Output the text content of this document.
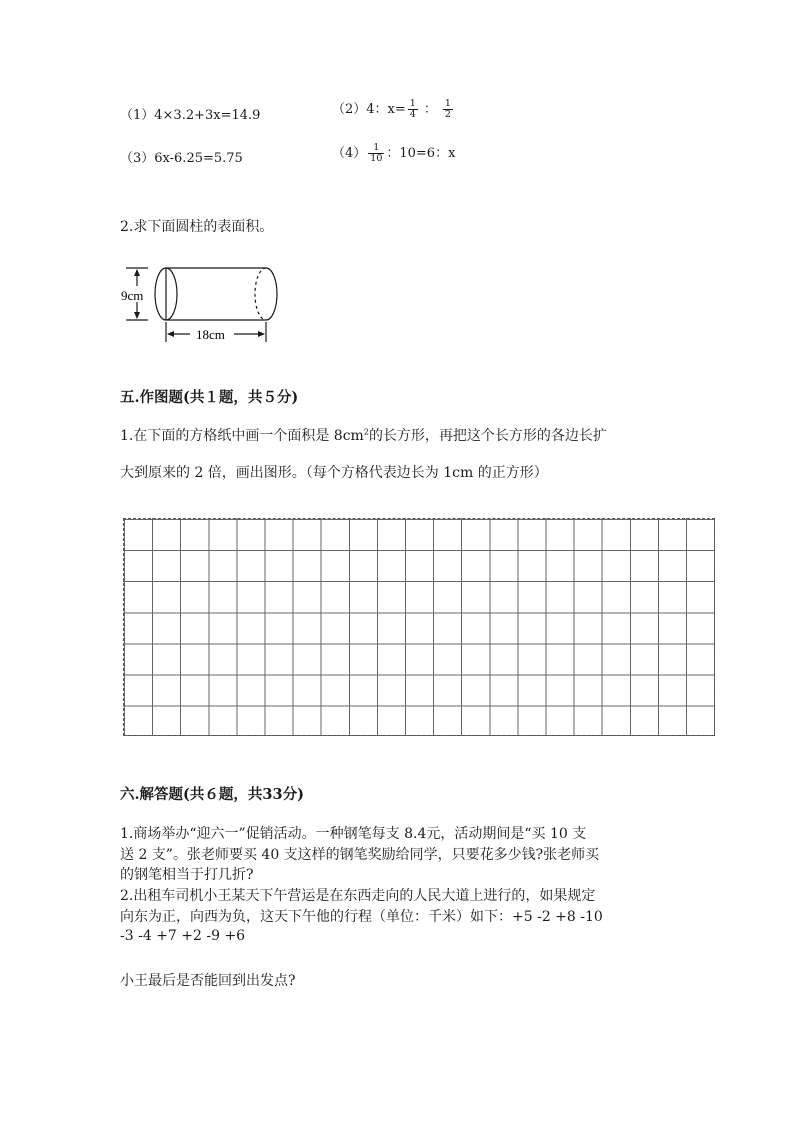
（1）4×3.2+3x=14.9	（2）4：$x= \frac{1}{4}$ ： $\frac{1}{2}$
（3）6x-6.25=5.75	$(4) \frac{1}{10}$ ：10=6：x
2.求下面圆柱的表面积。
9cm
18cm
五.作图题(共１题，共５分)
1.在下面的方格纸中画一个面积是 $8cm^2$的长方形，再把这个长方形的各边长扩
大到原来的 2 倍，画出图形。（每个方格代表边长为 1cm 的正方形）
六.解答题(共６题，共33分)
1.商场举办“迎六一”促销活动。一种钢笔每支 8.4元，活动期间是“买 10 支
送 2 支”。张老师要买 40 支这样的钢笔奖励给同学，只要花多少钱?张老师买
的钢笔相当于打几折?
2.出租车司机小王某天下午营运是在东西走向的人民大道上进行的，如果规定
向东为正，向西为负，这天下午他的行程（单位：千米）如下：+5 -2 +8 -10
-3 -4 +7 +2 -9 +6
小王最后是否能回到出发点?
